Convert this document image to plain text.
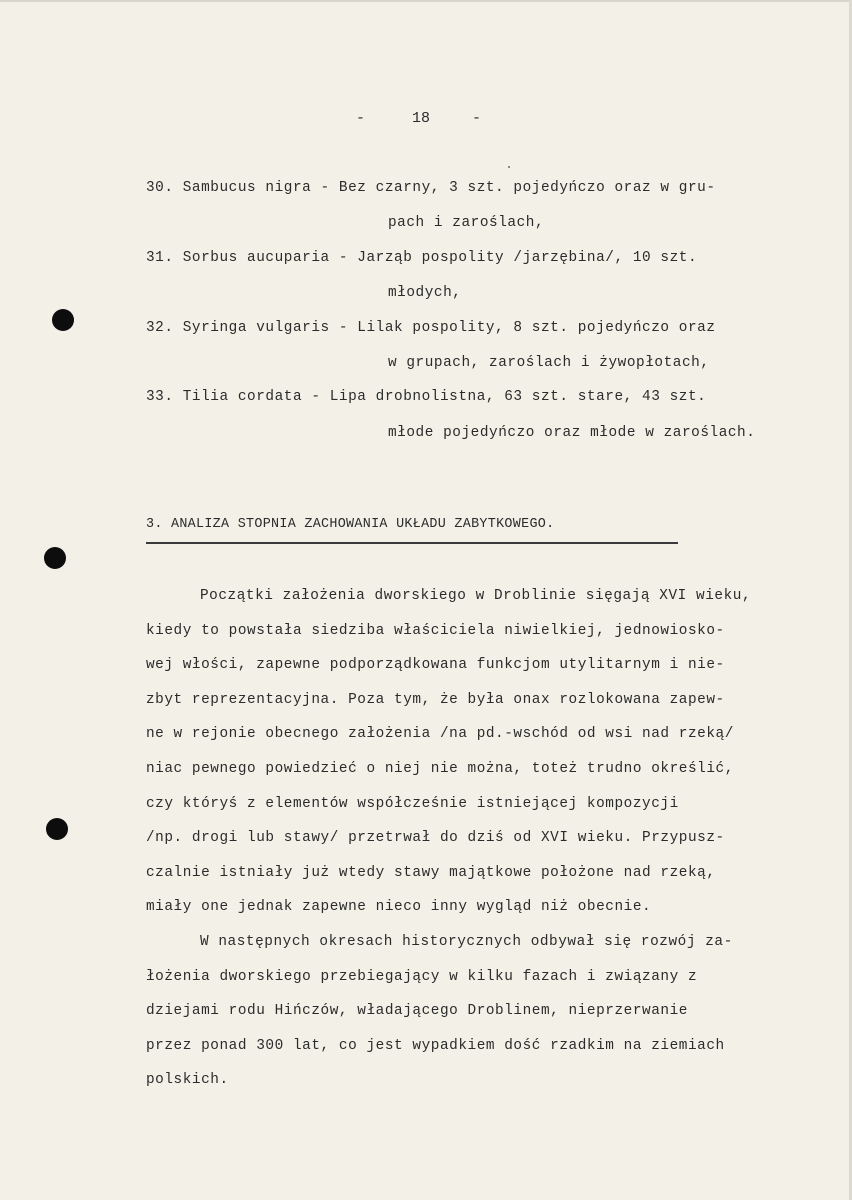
-	18	-
30. Sambucus nigra - Bez czarny, 3 szt. pojedyńczo oraz w gru-
pach i zaroślach,
31. Sorbus aucuparia - Jarząb pospolity /jarzębina/, 10 szt.
młodych,
32. Syringa vulgaris - Lilak pospolity, 8 szt. pojedyńczo oraz
w grupach, zaroślach i żywopłotach,
33. Tilia cordata - Lipa drobnolistna, 63 szt. stare, 43 szt.
młode pojedyńczo oraz młode w zaroślach.
3. ANALIZA STOPNIA ZACHOWANIA UKŁADU ZABYTKOWEGO.
Początki założenia dworskiego w Droblinie sięgają XVI wieku,
kiedy to powstała siedziba właściciela niwielkiej, jednowiosko-
wej włości, zapewne podporządkowana funkcjom utylitarnym i nie-
zbyt reprezentacyjna. Poza tym, że była onax rozlokowana zapew-
ne w rejonie obecnego założenia /na pd.-wschód od wsi nad rzeką/
niac pewnego powiedzieć o niej nie można, toteż trudno określić,
czy któryś z elementów współcześnie istniejącej kompozycji
/np. drogi lub stawy/ przetrwał do dziś od XVI wieku. Przypusz-
czalnie istniały już wtedy stawy majątkowe położone nad rzeką,
miały one jednak zapewne nieco inny wygląd niż obecnie.
W następnych okresach historycznych odbywał się rozwój za-
łożenia dworskiego przebiegający w kilku fazach i związany z
dziejami rodu Hińczów, władającego Droblinem, nieprzerwanie
przez ponad 300 lat, co jest wypadkiem dość rzadkim na ziemiach
polskich.
